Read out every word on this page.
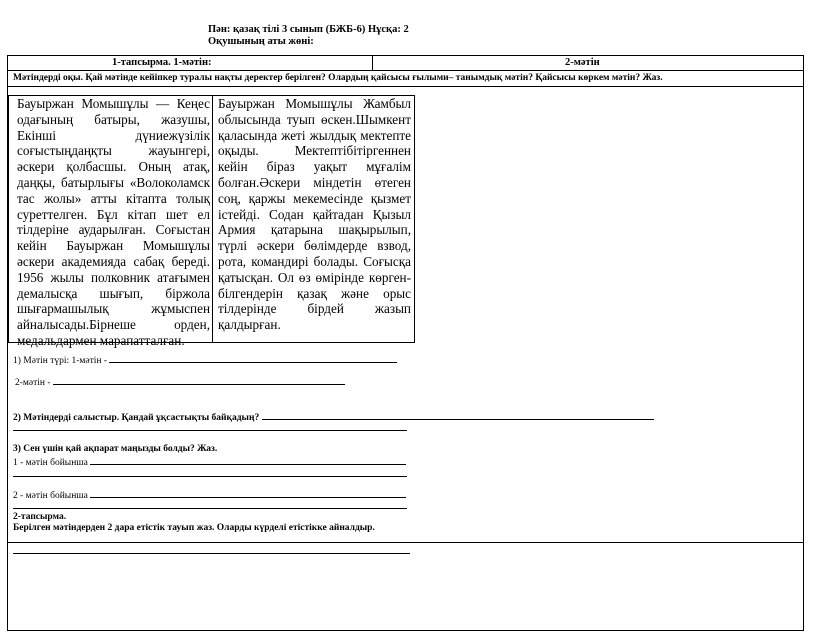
Пән: қазақ тілі 3 сынып (БЖБ-6) Нұсқа: 2
Оқушының аты жөні:
1-тапсырма. 1-мәтін:	2-мәтін
Мәтіндерді оқы. Қай мәтінде кейіпкер туралы нақты деректер берілген? Олардың қайсысы ғылыми– танымдық мәтін? Қайсысы көркем мәтін? Жаз.
Бауыржан Момышұлы — Кеңес одағының батыры, жазушы, Екінші дүниежүзілік соғыстыңдаңқты жауынгері, әскери қолбасшы. Оның атақ, даңқы, батырлығы «Волоколамск тас жолы» атты кітапта толық суреттелген. Бұл кітап шет ел тілдеріне аударылған. Соғыстан кейін Бауыржан Момышұлы әскери академияда сабақ береді. 1956 жылы полковник атағымен демалысқа шығып, біржола шығармашылық жұмыспен айналысады.Бірнеше орден, медальдармен марапатталған.
Бауыржан Момышұлы Жамбыл облысында туып өскен.Шымкент қаласында жеті жылдық мектепте оқыды. Мектептібітіргеннен кейін біраз уақыт мұғалім болған.Әскери міндетін өтеген соң, қаржы мекемесінде қызмет істейді. Содан қайтадан Қызыл Армия қатарына шақырылып, түрлі әскери бөлімдерде взвод, рота, командирі болады. Соғысқа қатысқан. Ол өз өмірінде көрген-білгендерін қазақ және орыс тілдерінде бірдей жазып қалдырған.
1) Мәтін түрі: 1-мәтін -
2-мәтін -
2) Мәтіндерді салыстыр. Қандай ұқсастықты байқадың?
3) Сен үшін қай ақпарат маңызды болды? Жаз.
1 - мәтін бойынша
2 - мәтін бойынша
2-тапсырма.
Берілген мәтіндерден 2 дара етістік тауып жаз. Оларды күрделі етістікке айналдыр.
